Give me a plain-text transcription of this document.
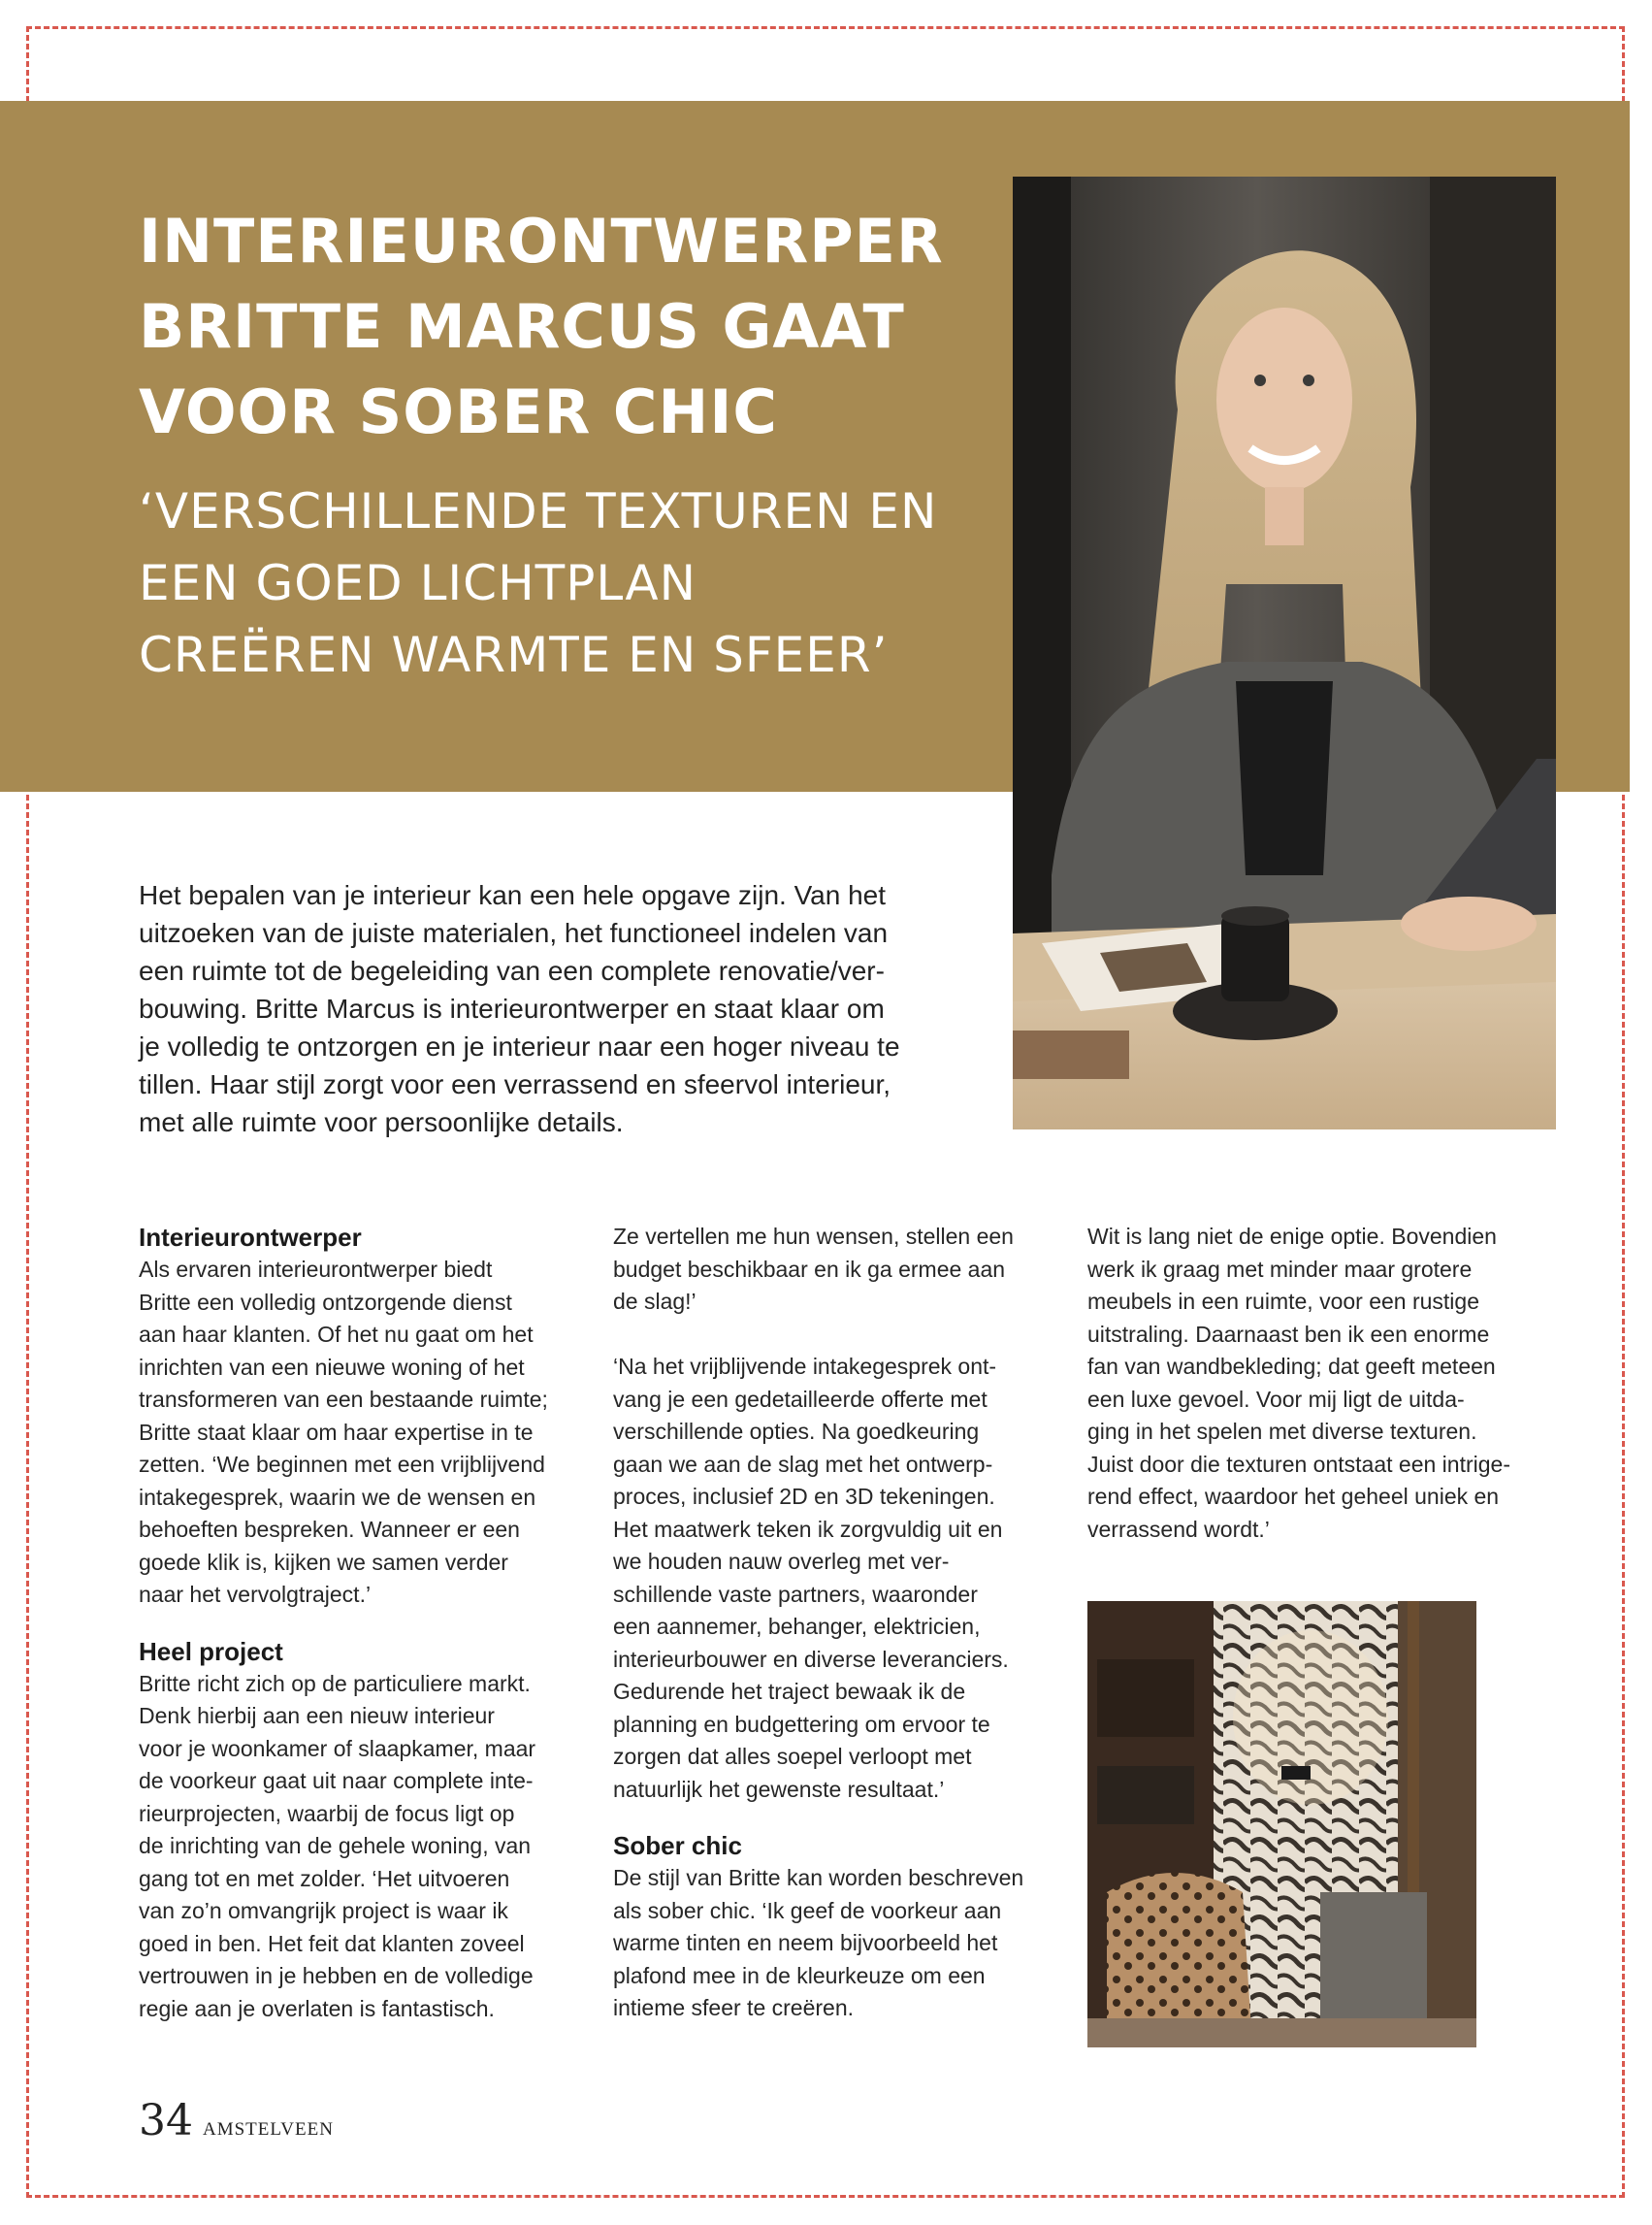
INTERIEURONTWERPER
BRITTE MARCUS GAAT
VOOR SOBER CHIC
‘VERSCHILLENDE TEXTUREN EN
EEN GOED LICHTPLAN
CREËREN WARMTE EN SFEER’

Het bepalen van je interieur kan een hele opgave zijn. Van het
uitzoeken van de juiste materialen, het functioneel indelen van
een ruimte tot de begeleiding van een complete renovatie/ver-
bouwing. Britte Marcus is interieurontwerper en staat klaar om
je volledig te ontzorgen en je interieur naar een hoger niveau te
tillen. Haar stijl zorgt voor een verrassend en sfeervol interieur,
met alle ruimte voor persoonlijke details.

Interieurontwerper

Als ervaren interieurontwerper biedt
Britte een volledig ontzorgende dienst
aan haar klanten. Of het nu gaat om het
inrichten van een nieuwe woning of het
transformeren van een bestaande ruimte;
Britte staat klaar om haar expertise in te
zetten. ‘We beginnen met een vrijblijvend
intakegesprek, waarin we de wensen en
behoeften bespreken. Wanneer er een
goede klik is, kijken we samen verder
naar het vervolgtraject.’

Heel project

Britte richt zich op de particuliere markt.
Denk hierbij aan een nieuw interieur
voor je woonkamer of slaapkamer, maar
de voorkeur gaat uit naar complete inte-
rieurprojecten, waarbij de focus ligt op
de inrichting van de gehele woning, van
gang tot en met zolder. ‘Het uitvoeren
van zo’n omvangrijk project is waar ik
goed in ben. Het feit dat klanten zoveel
vertrouwen in je hebben en de volledige
regie aan je overlaten is fantastisch.

Ze vertellen me hun wensen, stellen een
budget beschikbaar en ik ga ermee aan
de slag!’

‘Na het vrijblijvende intakegesprek ont-
vang je een gedetailleerde offerte met
verschillende opties. Na goedkeuring
gaan we aan de slag met het ontwerp-
proces, inclusief 2D en 3D tekeningen.
Het maatwerk teken ik zorgvuldig uit en
we houden nauw overleg met ver-
schillende vaste partners, waaronder
een aannemer, behanger, elektricien,
interieurbouwer en diverse leveranciers.
Gedurende het traject bewaak ik de
planning en budgettering om ervoor te
zorgen dat alles soepel verloopt met
natuurlijk het gewenste resultaat.’

Sober chic

De stijl van Britte kan worden beschreven
als sober chic. ‘Ik geef de voorkeur aan
warme tinten en neem bijvoorbeeld het
plafond mee in de kleurkeuze om een
intieme sfeer te creëren.

Wit is lang niet de enige optie. Bovendien
werk ik graag met minder maar grotere
meubels in een ruimte, voor een rustige
uitstraling. Daarnaast ben ik een enorme
fan van wandbekleding; dat geeft meteen
een luxe gevoel. Voor mij ligt de uitda-
ging in het spelen met diverse texturen.
Juist door die texturen ontstaat een intrige-
rend effect, waardoor het geheel uniek en
verrassend wordt.’

34 AMSTELVEEN
